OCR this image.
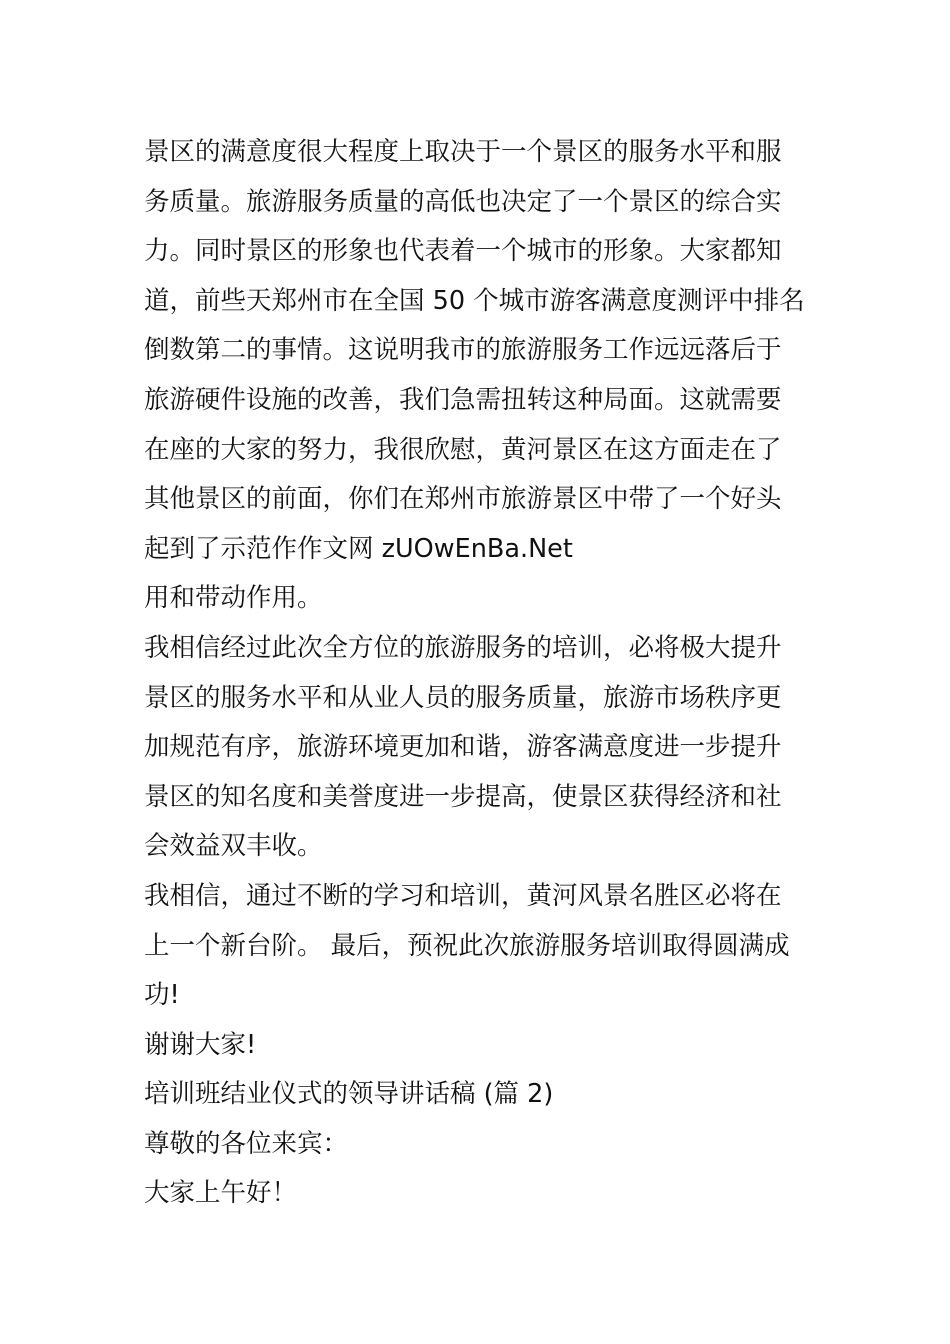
景区的满意度很大程度上取决于一个景区的服务水平和服
务质量。旅游服务质量的高低也决定了一个景区的综合实
力。同时景区的形象也代表着一个城市的形象。大家都知
道，前些天郑州市在全国 50 个城市游客满意度测评中排名
倒数第二的事情。这说明我市的旅游服务工作远远落后于
旅游硬件设施的改善，我们急需扭转这种局面。这就需要
在座的大家的努力，我很欣慰，黄河景区在这方面走在了
其他景区的前面，你们在郑州市旅游景区中带了一个好头
起到了示范作作文网 zUOwEnBa.Net
用和带动作用。
我相信经过此次全方位的旅游服务的培训，必将极大提升
景区的服务水平和从业人员的服务质量，旅游市场秩序更
加规范有序，旅游环境更加和谐，游客满意度进一步提升
景区的知名度和美誉度进一步提高，使景区获得经济和社
会效益双丰收。
我相信，通过不断的学习和培训，黄河风景名胜区必将在
上一个新台阶。 最后，预祝此次旅游服务培训取得圆满成
功!
谢谢大家!
培训班结业仪式的领导讲话稿 (篇 2)
尊敬的各位来宾：
大家上午好！
